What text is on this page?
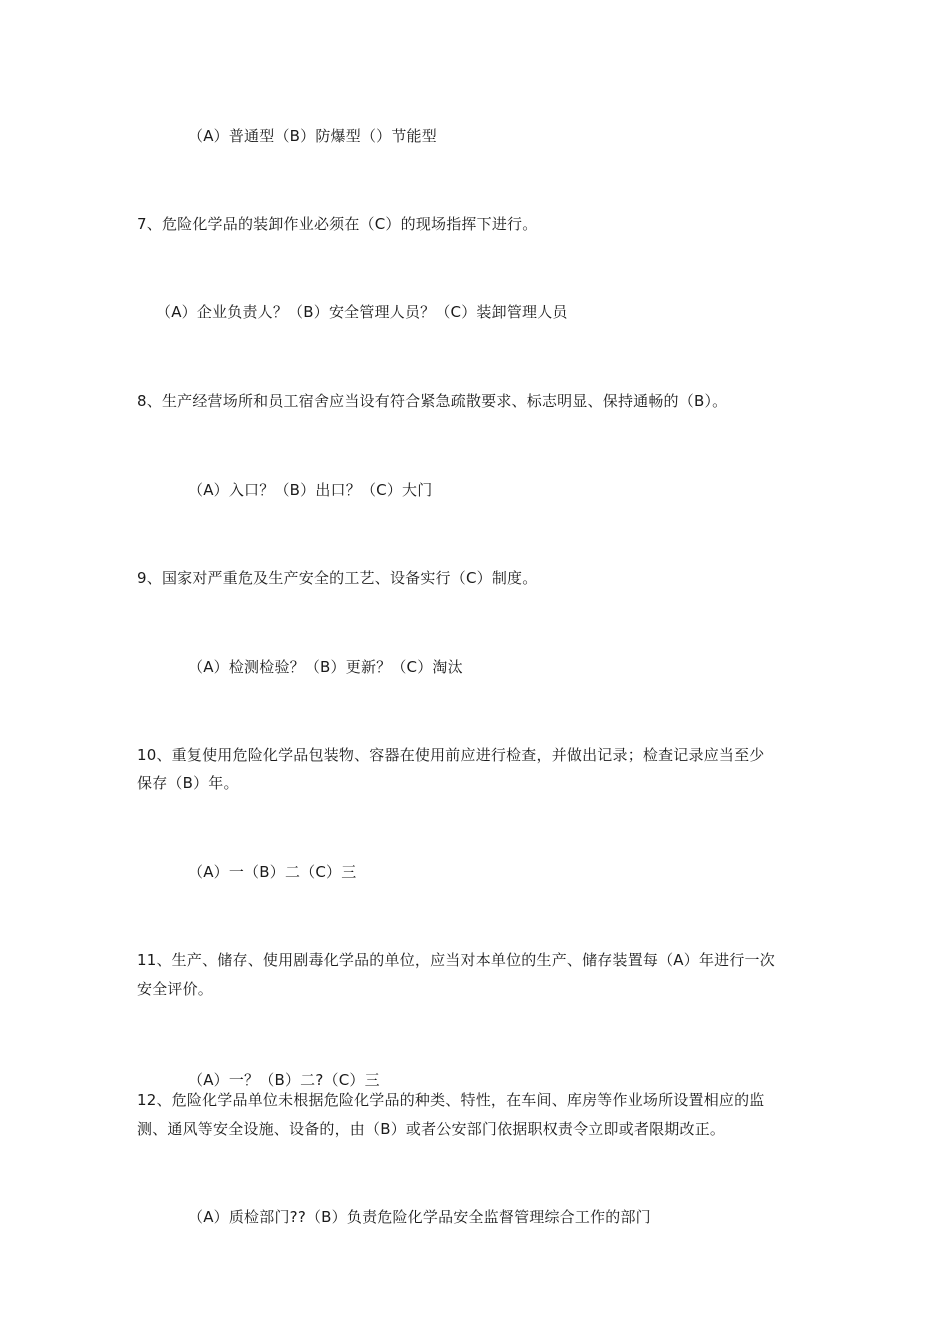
（A）普通型（B）防爆型（）节能型
7、危险化学品的装卸作业必须在（C）的现场指挥下进行。
（A）企业负责人？（B）安全管理人员？（C）装卸管理人员
8、生产经营场所和员工宿舍应当设有符合紧急疏散要求、标志明显、保持通畅的（B）。
（A）入口？（B）出口？（C）大门
9、国家对严重危及生产安全的工艺、设备实行（C）制度。
（A）检测检验？（B）更新？（C）淘汰
10、重复使用危险化学品包装物、容器在使用前应进行检查，并做出记录；检查记录应当至少
保存（B）年。
（A）一（B）二（C）三
11、生产、储存、使用剧毒化学品的单位，应当对本单位的生产、储存装置每（A）年进行一次
安全评价。
（A）一？（B）二?（C）三
12、危险化学品单位未根据危险化学品的种类、特性，在车间、库房等作业场所设置相应的监
测、通风等安全设施、设备的，由（B）或者公安部门依据职权责令立即或者限期改正。
（A）质检部门??（B）负责危险化学品安全监督管理综合工作的部门
